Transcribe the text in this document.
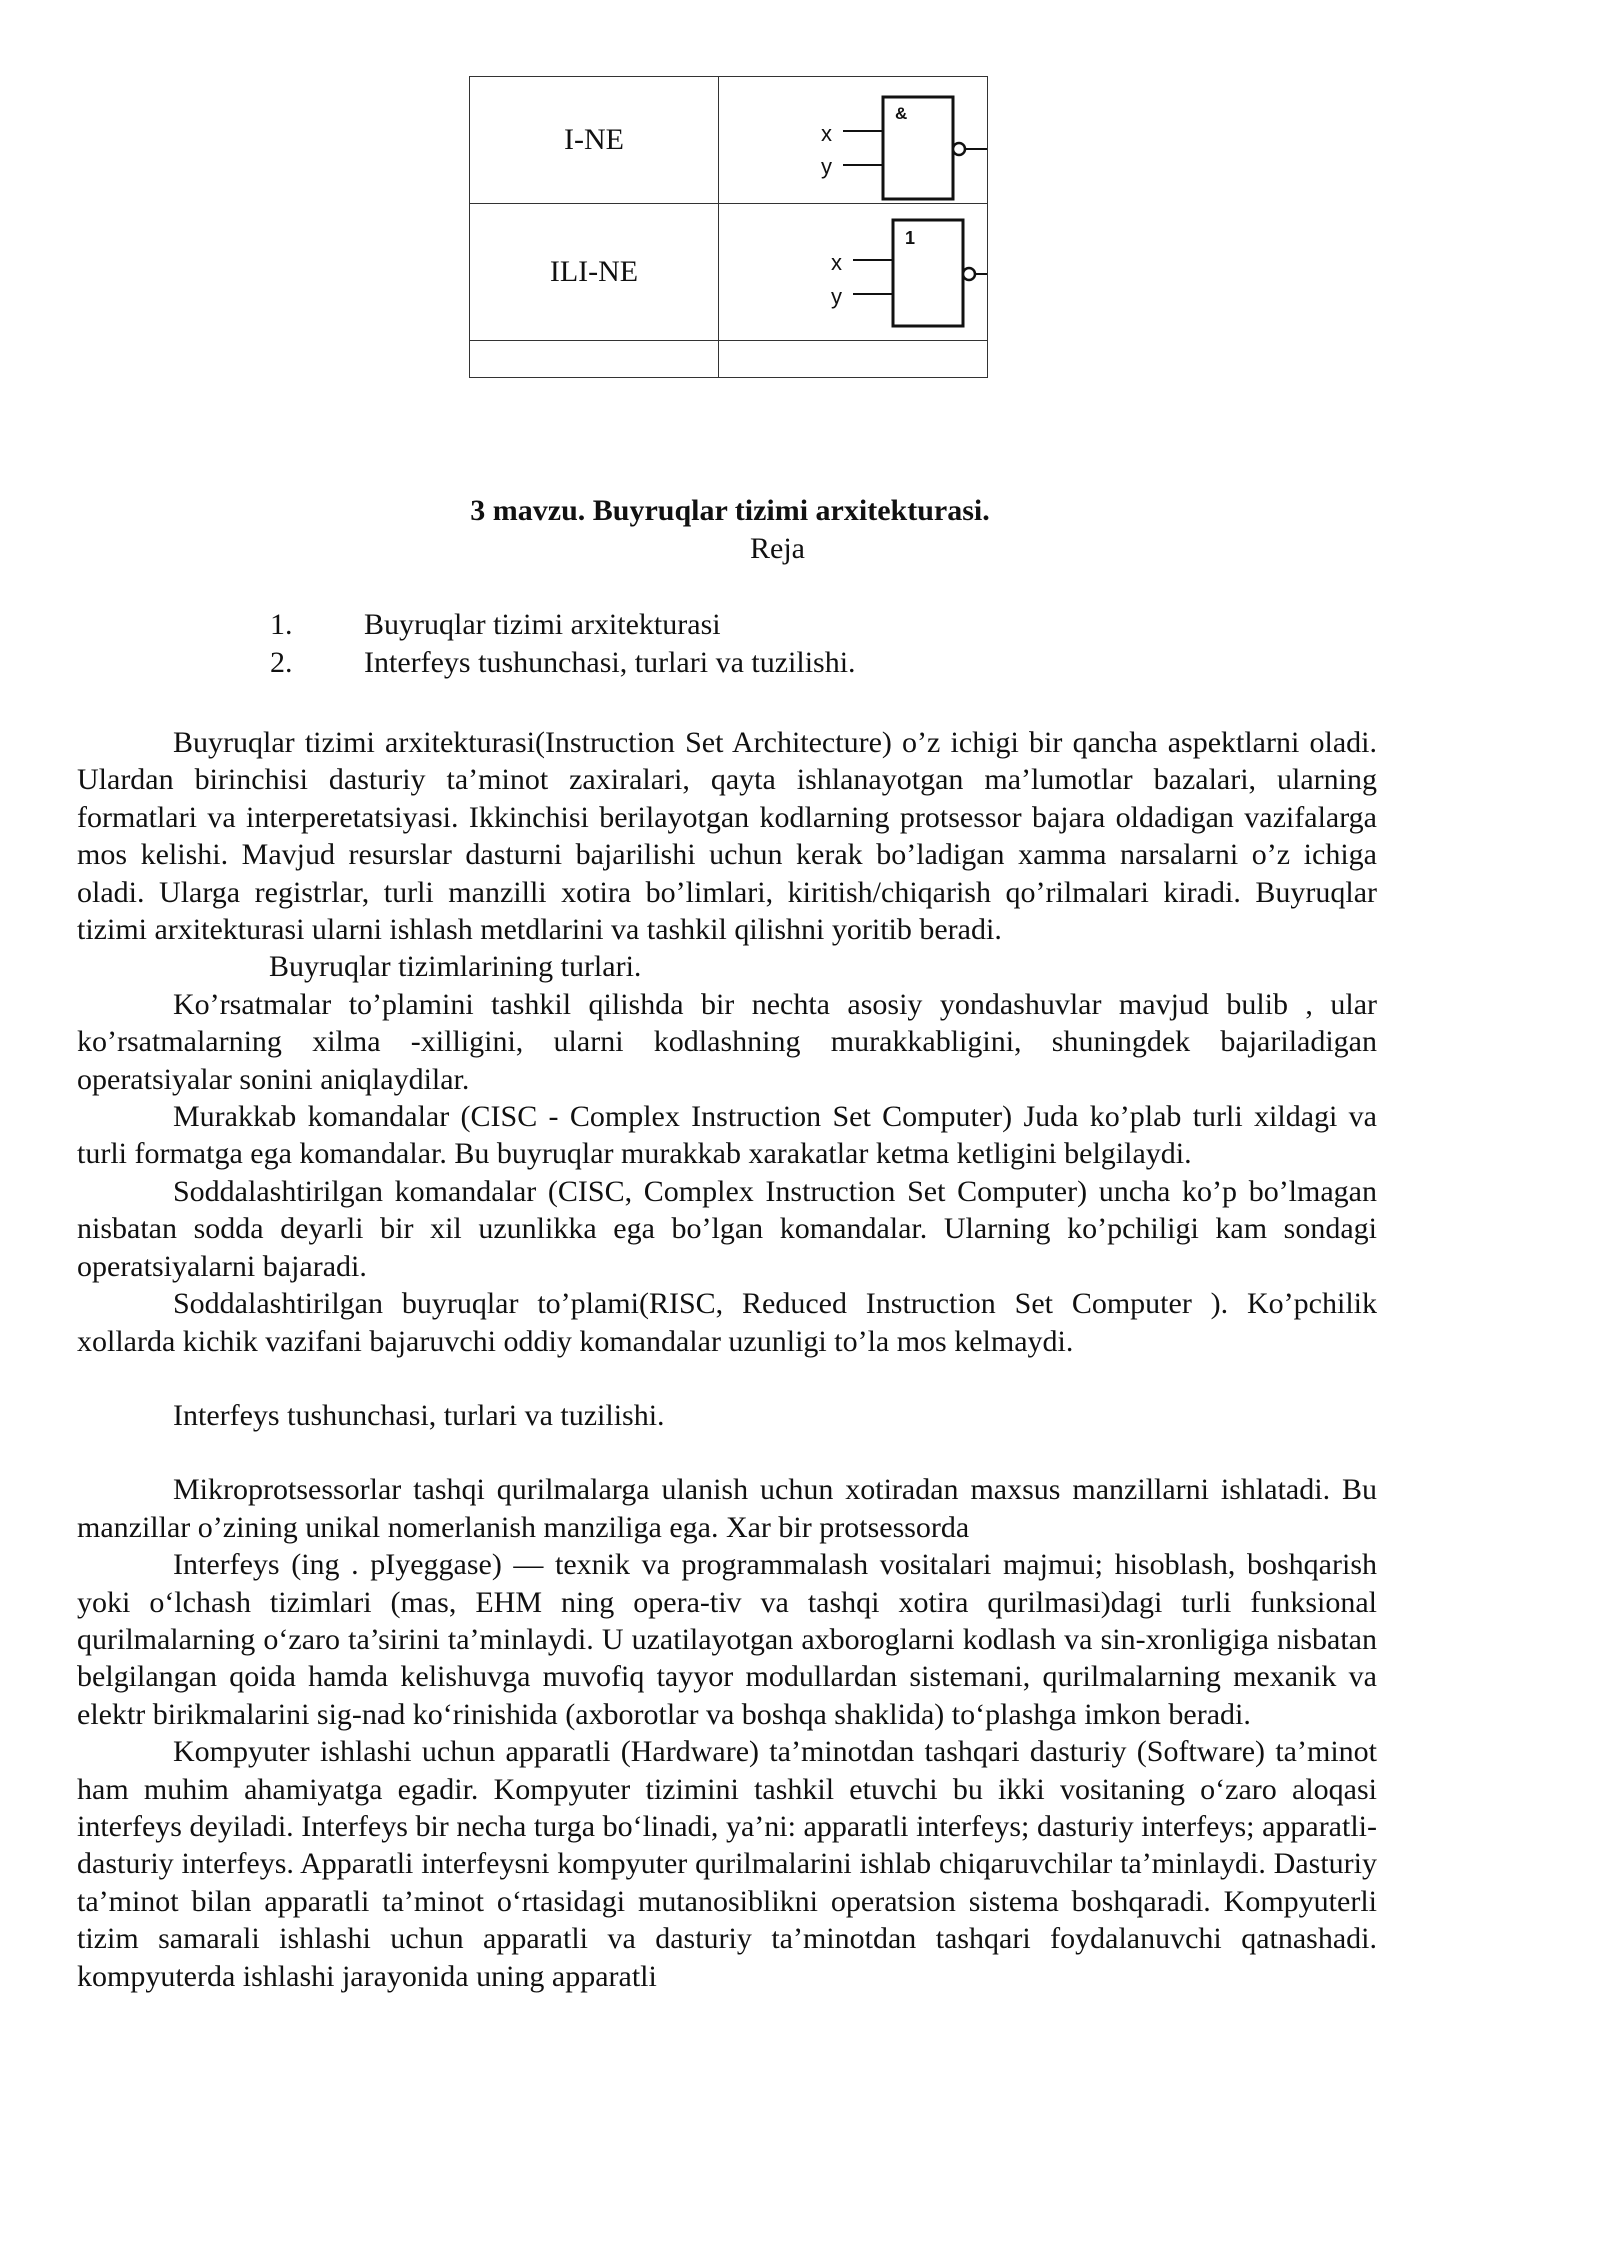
I-NE	x
y
&

ILI-NE	x
y
1

3 mavzu. Buyruqlar tizimi arxitekturasi.
Reja
1.	Buyruqlar tizimi arxitekturasi
2.	Interfeys tushunchasi, turlari va tuzilishi.

Buyruqlar tizimi arxitekturasi(Instruction Set Architecture) o’z ichigi bir qancha aspektlarni oladi. Ulardan birinchisi dasturiy ta’minot zaxiralari, qayta ishlanayotgan ma’lumotlar bazalari, ularning formatlari va interperetatsiyasi. Ikkinchisi berilayotgan kodlarning protsessor bajara oldadigan vazifalarga mos kelishi. Mavjud resurslar dasturni bajarilishi uchun kerak bo’ladigan xamma narsalarni o’z ichiga oladi. Ularga registrlar, turli manzilli xotira bo’limlari, kiritish/chiqarish qo’rilmalari kiradi. Buyruqlar tizimi arxitekturasi ularni ishlash metdlarini va tashkil qilishni yoritib beradi.

Buyruqlar tizimlarining turlari.

Ko’rsatmalar to’plamini tashkil qilishda bir nechta asosiy yondashuvlar mavjud bulib , ular ko’rsatmalarning xilma -xilligini, ularni kodlashning murakkabligini, shuningdek bajariladigan operatsiyalar sonini aniqlaydilar.

Murakkab komandalar (CISC - Complex Instruction Set Computer) Juda ko’plab turli xildagi va turli formatga ega komandalar. Bu buyruqlar murakkab xarakatlar ketma ketligini belgilaydi.

Soddalashtirilgan komandalar (CISC, Complex Instruction Set Computer) uncha ko’p bo’lmagan nisbatan sodda deyarli bir xil uzunlikka ega bo’lgan komandalar. Ularning ko’pchiligi kam sondagi operatsiyalarni bajaradi.

Soddalashtirilgan buyruqlar to’plami(RISC, Reduced Instruction Set Computer ). Ko’pchilik xollarda kichik vazifani bajaruvchi oddiy komandalar uzunligi to’la mos kelmaydi.

Interfeys tushunchasi, turlari va tuzilishi.

Mikroprotsessorlar tashqi qurilmalarga ulanish uchun xotiradan maxsus manzillarni ishlatadi. Bu manzillar o’zining unikal nomerlanish manziliga ega. Xar bir protsessorda

Interfeys (ing . pIyeggase) — texnik va programmalash vositalari majmui; hisoblash, boshqarish yoki o‘lchash tizimlari (mas, EHM ning opera-tiv va tashqi xotira qurilmasi)dagi turli funksional qurilmalarning o‘zaro ta’sirini ta’minlaydi. U uzatilayotgan axboroglarni kodlash va sin-xronligiga nisbatan belgilangan qoida hamda kelishuvga muvofiq tayyor modullardan sistemani, qurilmalarning mexanik va elektr birikmalarini sig-nad ko‘rinishida (axborotlar va boshqa shaklida) to‘plashga imkon beradi.

Kompyuter ishlashi uchun apparatli (Hardware) ta’minotdan tashqari dasturiy (Software) ta’minot ham muhim ahamiyatga egadir. Kompyuter tizimini tashkil etuvchi bu ikki vositaning o‘zaro aloqasi interfeys deyiladi. Interfeys bir necha turga bo‘linadi, ya’ni: apparatli interfeys; dasturiy interfeys; apparatli-dasturiy interfeys. Apparatli interfeysni kompyuter qurilmalarini ishlab chiqaruvchilar ta’minlaydi. Dasturiy ta’minot bilan apparatli ta’minot o‘rtasidagi mutanosiblikni operatsion sistema boshqaradi. Kompyuterli tizim samarali ishlashi uchun apparatli va dasturiy ta’minotdan tashqari foydalanuvchi qatnashadi. kompyuterda ishlashi jarayonida uning apparatli
